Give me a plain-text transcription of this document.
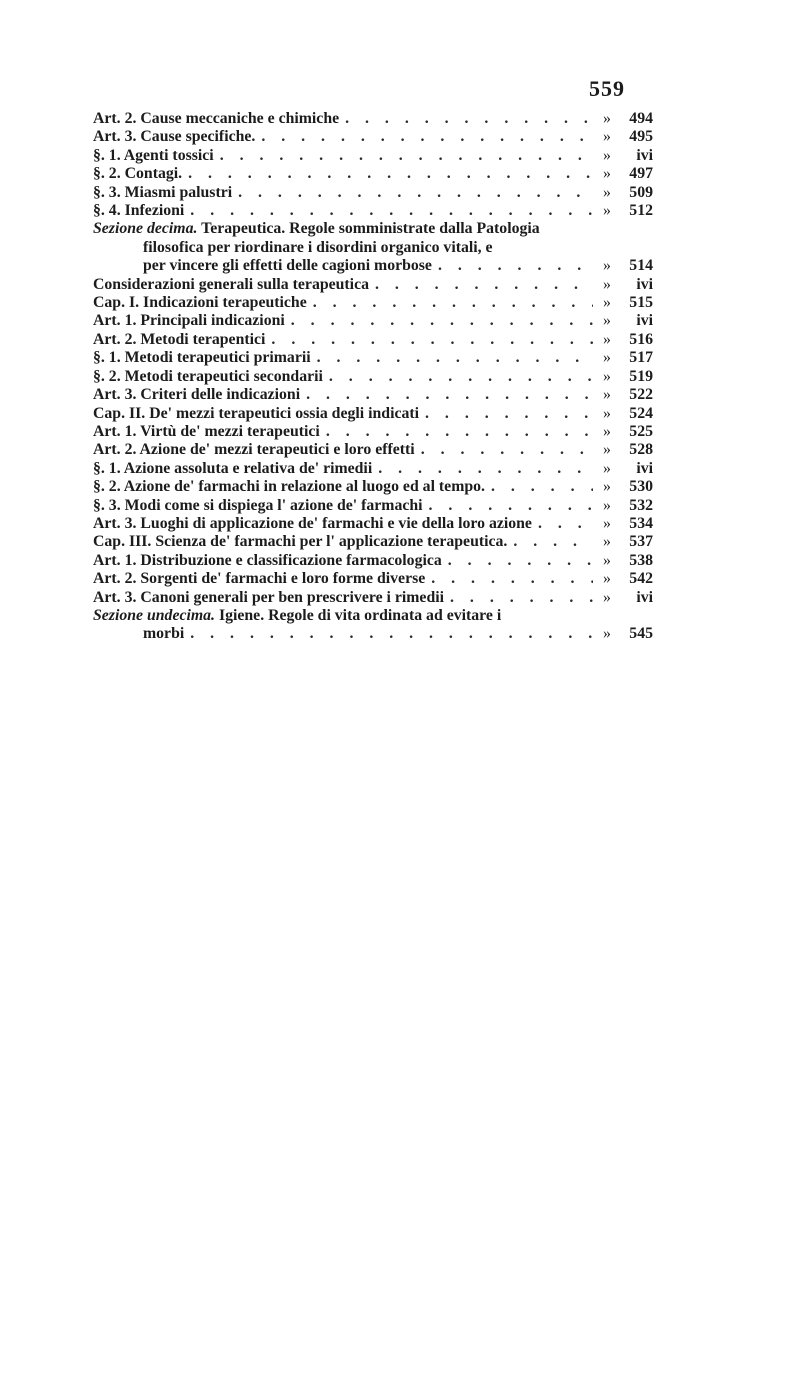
559
Art. 2. Cause meccaniche e chimiche . . .	»	494
Art. 3. Cause specifiche. . . .	»	495
§. 1. Agenti tossici . . .	»	ivi
§. 2. Contagi. . . .	»	497
§. 3. Miasmi palustri . . .	»	509
§. 4. Infezioni . . .	»	512
Sezione decima. Terapeutica. Regole somministrate dalla Patologia
filosofica per riordinare i disordini organico vitali, e
per vincere gli effetti delle cagioni morbose . . .	»	514
Considerazioni generali sulla terapeutica . . .	»	ivi
Cap. I. Indicazioni terapeutiche . . .	»	515
Art. 1. Principali indicazioni . . .	»	ivi
Art. 2. Metodi terapentici . . .	»	516
§. 1. Metodi terapeutici primarii . . .	»	517
§. 2. Metodi terapeutici secondarii . . .	»	519
Art. 3. Criteri delle indicazioni . . .	»	522
Cap. II. De' mezzi terapeutici ossia degli indicati . . .	»	524
Art. 1. Virtù de' mezzi terapeutici . . .	»	525
Art. 2. Azione de' mezzi terapeutici e loro effetti . . .	»	528
§. 1. Azione assoluta e relativa de' rimedii . . .	»	ivi
§. 2. Azione de' farmachi in relazione al luogo ed al tempo. . . .	»	530
§. 3. Modi come si dispiega l' azione de' farmachi . . .	»	532
Art. 3. Luoghi di applicazione de' farmachi e vie della loro azione . . .	»	534
Cap. III. Scienza de' farmachi per l' applicazione terapeutica. . . .	»	537
Art. 1. Distribuzione e classificazione farmacologica . . .	»	538
Art. 2. Sorgenti de' farmachi e loro forme diverse . . .	»	542
Art. 3. Canoni generali per ben prescrivere i rimedii . . .	»	ivi
Sezione undecima. Igiene. Regole di vita ordinata ad evitare i
morbi . . .	»	545
